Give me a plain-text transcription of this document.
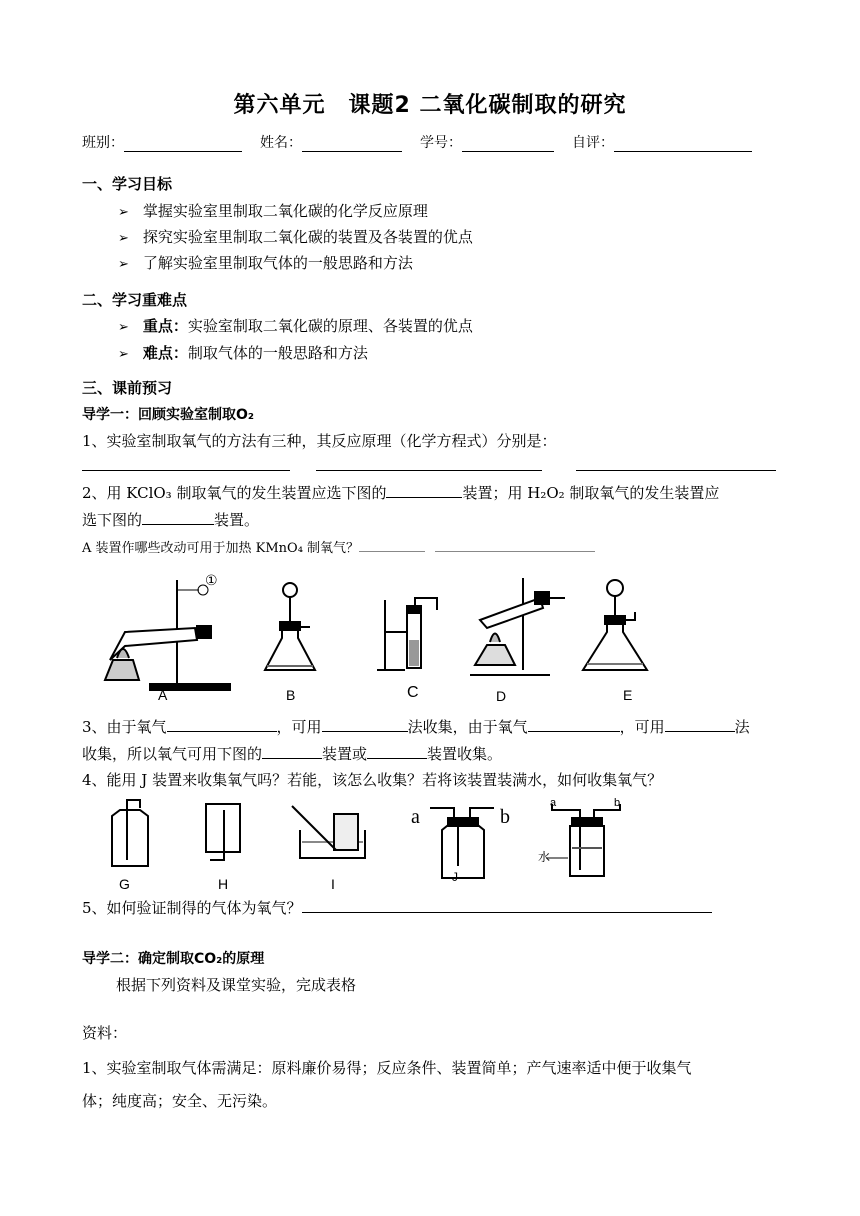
第六单元　课题2 二氧化碳制取的研究
班别：	姓名：	学号：	自评：
一、学习目标
➢ 掌握实验室里制取二氧化碳的化学反应原理
➢ 探究实验室里制取二氧化碳的装置及各装置的优点
➢ 了解实验室里制取气体的一般思路和方法
二、学习重难点
➢ 重点：实验室制取二氧化碳的原理、各装置的优点
➢ 难点：制取气体的一般思路和方法
三、课前预习
导学一：回顾实验室制取O₂
1、实验室制取氧气的方法有三种，其反应原理（化学方程式）分别是：
2、用 KClO₃ 制取氧气的发生装置应选下图的	装置；用 H₂O₂ 制取氧气的发生装置应
选下图的	装置。
A 装置作哪些改动可用于加热 KMnO₄ 制氧气？
①
A	B	C	D	E
3、由于氧气	，可用	法收集，由于氧气	，可用	法
收集，所以氧气可用下图的	装置或	装置收集。
4、能用 J 装置来收集氧气吗？若能，该怎么收集？若将该装置装满水，如何收集氧气？
a	b
a	b
水
G	H	I	J
5、如何验证制得的气体为氧气？
导学二：确定制取CO₂的原理
根据下列资料及课堂实验，完成表格
资料：
1、实验室制取气体需满足：原料廉价易得；反应条件、装置简单；产气速率适中便于收集气
体；纯度高；安全、无污染。
